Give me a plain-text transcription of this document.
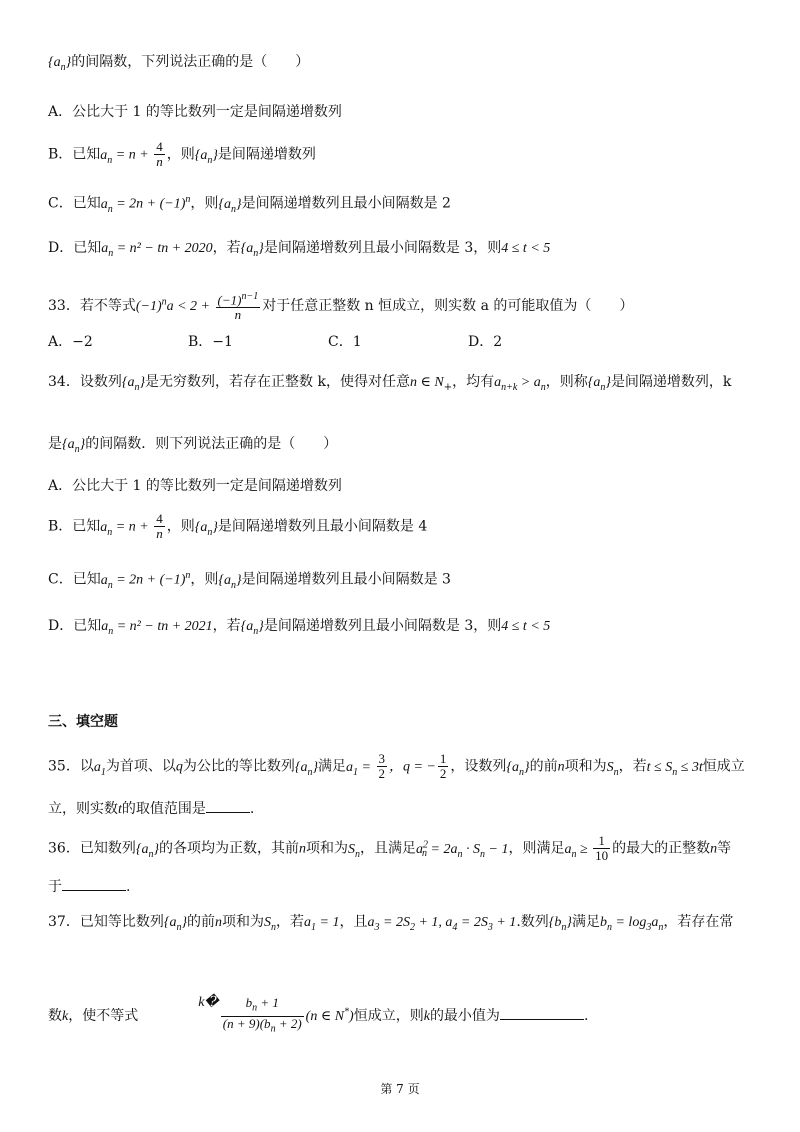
$\{a_n\}$的间隔数，下列说法正确的是（　　）
A．公比大于 1 的等比数列一定是间隔递增数列
B．已知$a_n = n + \frac{4}{n}$ ，则$\{a_n\}$是间隔递增数列
C．已知$a_n = 2n + (-1)^n$，则$\{a_n\}$是间隔递增数列且最小间隔数是 2
D．已知$a_n = n^2$ − tn + 2020，若$\{a_n\}$是间隔递增数列且最小间隔数是 3，则4 ≤ t < 5
33．若不等式$(-1)^na < 2 + \frac{(-1)^{n-1}}{n}$ 对于任意正整数 n 恒成立，则实数 a 的可能取值为（　　）
A．−2	B．−1	C．1	D．2
34．设数列$\{a_n\}$是无穷数列，若存在正整数 k，使得对任意n ∈ $N_+$，均有$a_{n+k} > a_n$，则称$\{a_n\}$是间隔递增数列，k
是$\{a_n\}$的间隔数．则下列说法正确的是（　　）
A．公比大于 1 的等比数列一定是间隔递增数列
B．已知$a_n = n + \frac{4}{n}$ ，则$\{a_n\}$是间隔递增数列且最小间隔数是 4
C．已知$a_n = 2n + (-1)^n$，则$\{a_n\}$是间隔递增数列且最小间隔数是 3
D．已知$a_n = n^2$ − tn + 2021，若$\{a_n\}$是间隔递增数列且最小间隔数是 3，则4 ≤ t < 5
三、填空题
35．以$a_1$为首项、以q为公比的等比数列$\{a_n\}$满足$a_1 = \frac{3}{2}$ ，q = − $\frac{1}{2}$ ，设数列$\{a_n\}$的前n项和为$S_n$，若$t \le S_n \le 3t$恒成立
立，则实数t的取值范围是	.
36．已知数列$\{a_n\}$的各项均为正数，其前n项和为$S_n$，且满足$a^2_n = 2a_n \cdot S_n - 1$，则满足$a_n \ge \frac{1}{10}$ 的最大的正整数n等
于	.
37．已知等比数列$\{a_n\}$的前n项和为$S_n$，若$a_1 = 1$，且$a_3 = 2S_2 + 1$, $a_4 = 2S_3 + 1$.数列$\{b_n\}$满足$b_n = \log_3a_n$，若存在常
数k，使不等式k� $\frac{b_n + 1}{(n + 9)(b_n + 2)} (n$ ∈ N*)恒成立，则k的最小值为	.
第 7 页
